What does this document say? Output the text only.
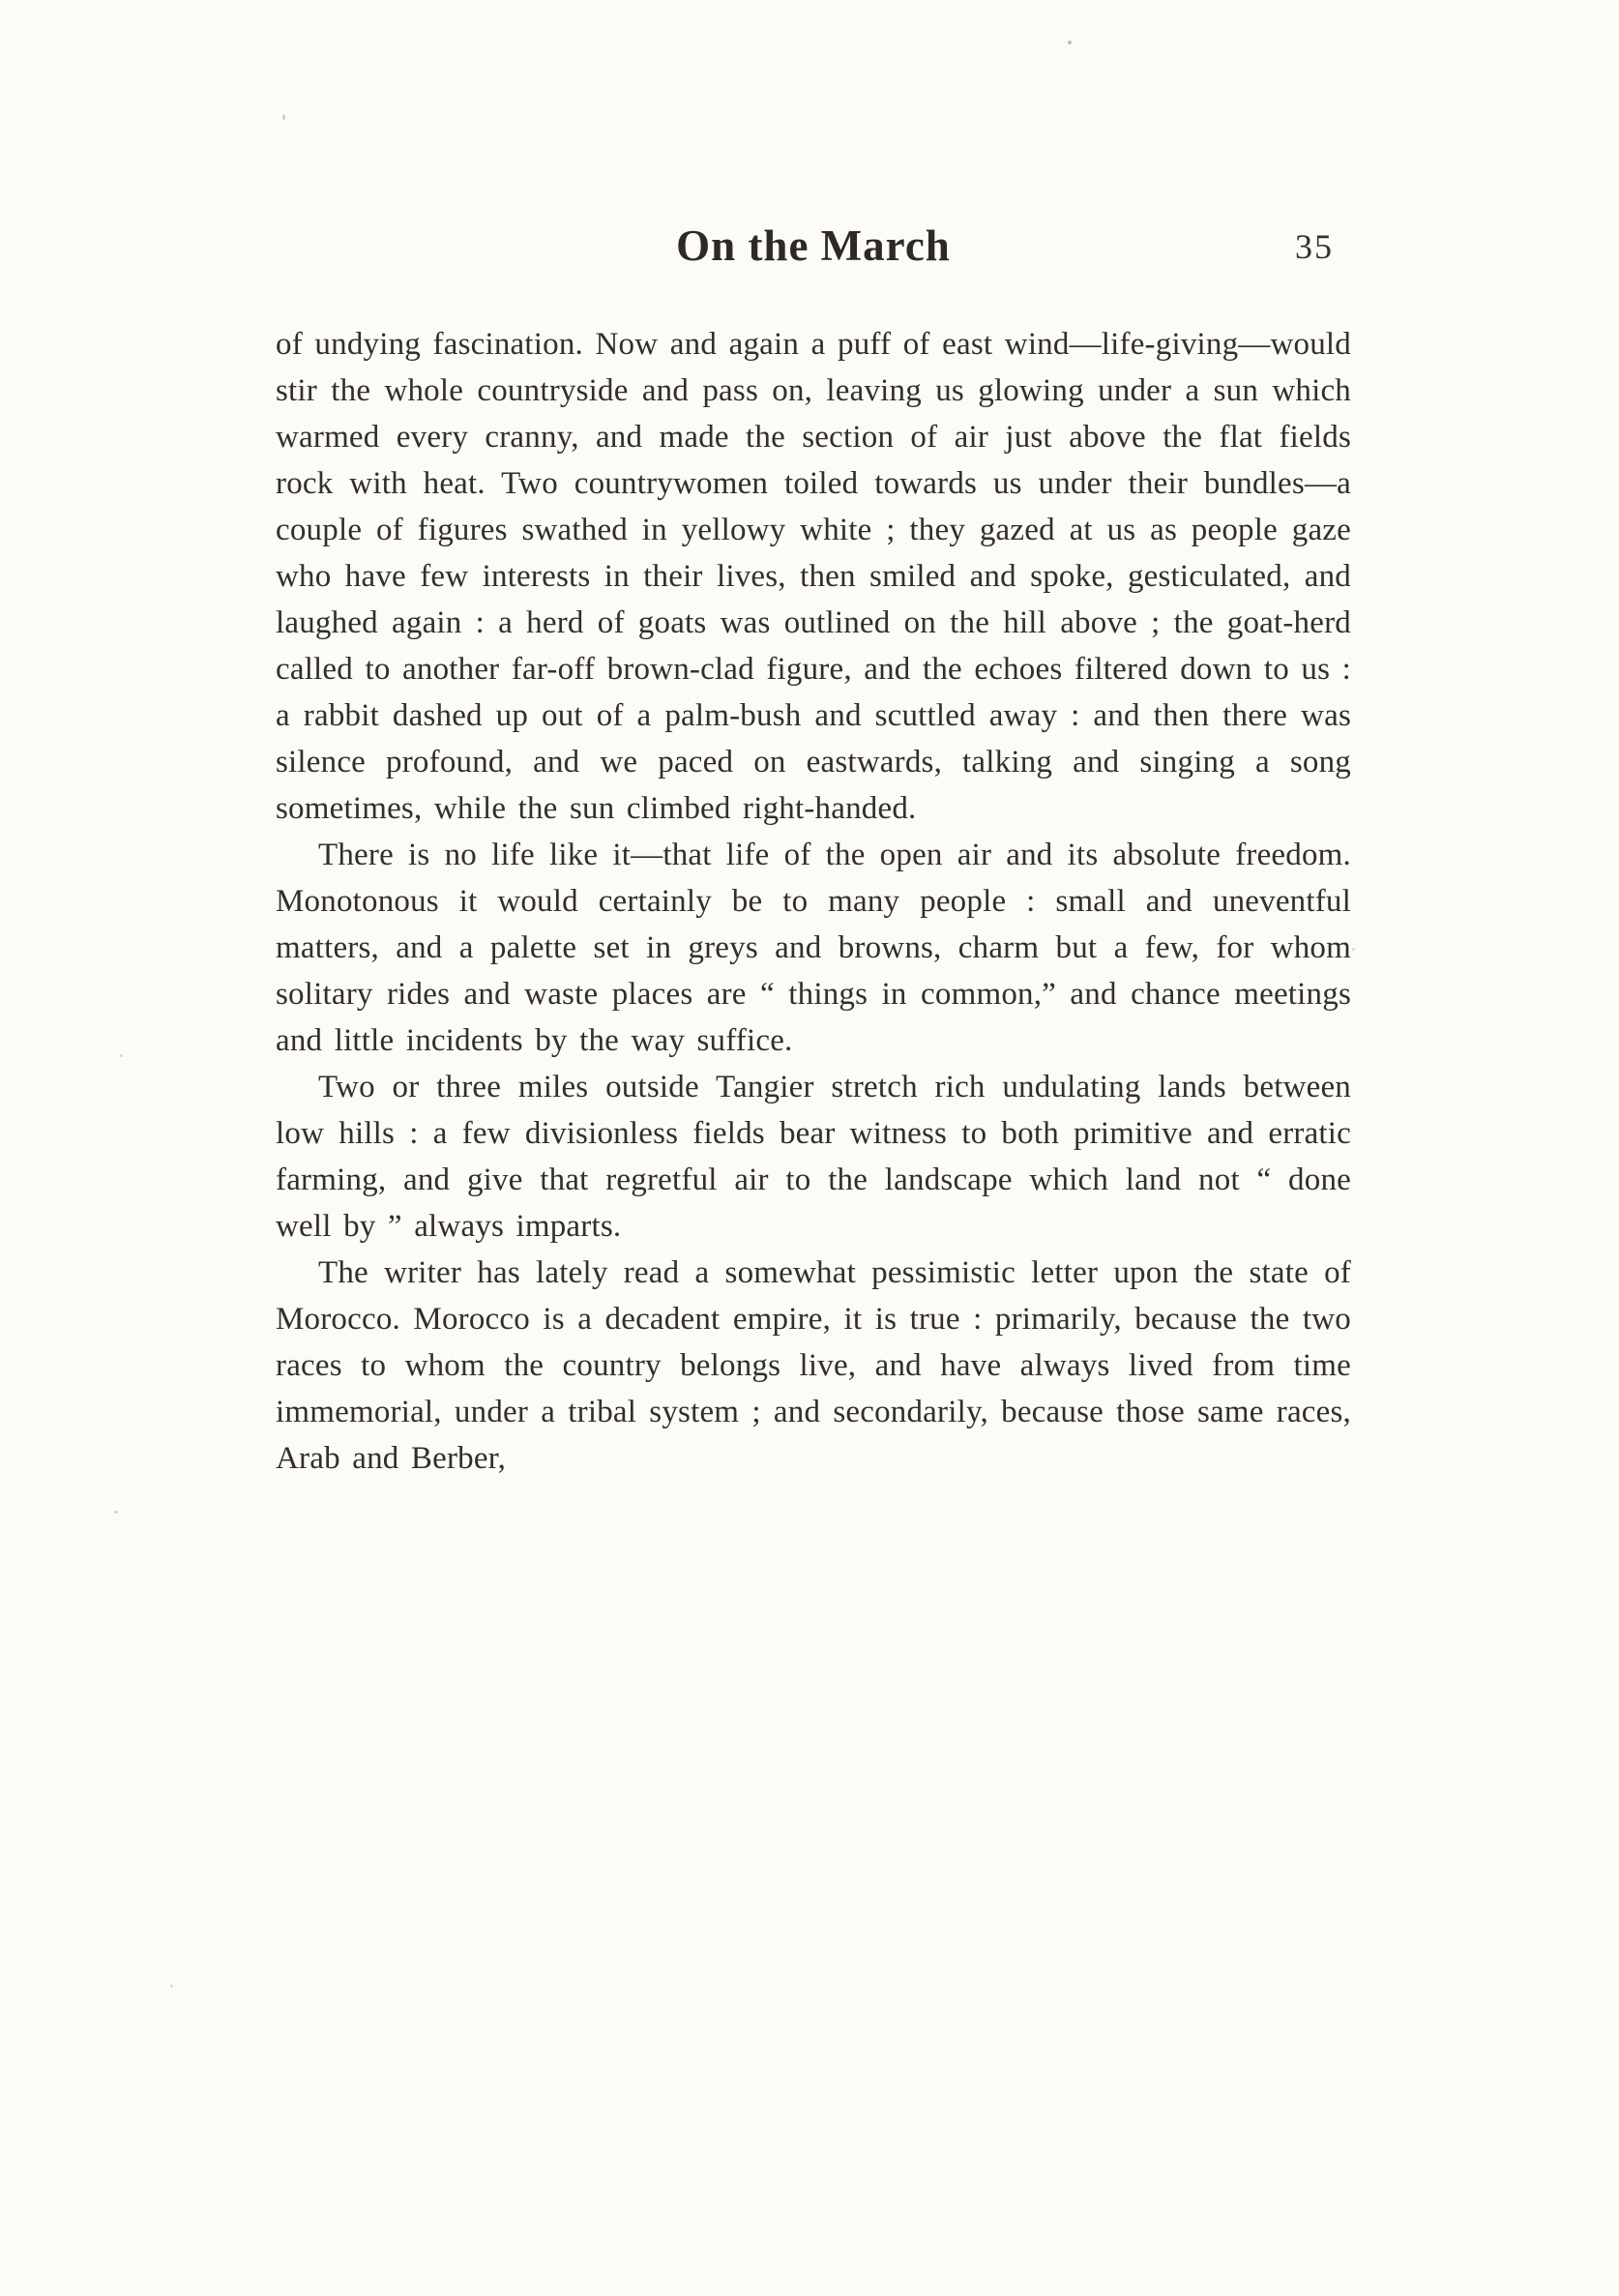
On the March	35

of undying fascination. Now and again a puff of east wind—life-giving—would stir the whole countryside and pass on, leaving us glowing under a sun which warmed every cranny, and made the section of air just above the flat fields rock with heat. Two countrywomen toiled towards us under their bundles—a couple of figures swathed in yellowy white ; they gazed at us as people gaze who have few interests in their lives, then smiled and spoke, gesticulated, and laughed again : a herd of goats was outlined on the hill above ; the goat-herd called to another far-off brown-clad figure, and the echoes filtered down to us : a rabbit dashed up out of a palm-bush and scuttled away : and then there was silence profound, and we paced on eastwards, talking and singing a song sometimes, while the sun climbed right-handed.

There is no life like it—that life of the open air and its absolute freedom. Monotonous it would certainly be to many people : small and uneventful matters, and a palette set in greys and browns, charm but a few, for whom solitary rides and waste places are “ things in common,” and chance meetings and little incidents by the way suffice.

Two or three miles outside Tangier stretch rich undulating lands between low hills : a few divisionless fields bear witness to both primitive and erratic farming, and give that regretful air to the landscape which land not “ done well by ” always imparts.

The writer has lately read a somewhat pessimistic letter upon the state of Morocco. Morocco is a decadent empire, it is true : primarily, because the two races to whom the country belongs live, and have always lived from time immemorial, under a tribal system ; and secondarily, because those same races, Arab and Berber,
